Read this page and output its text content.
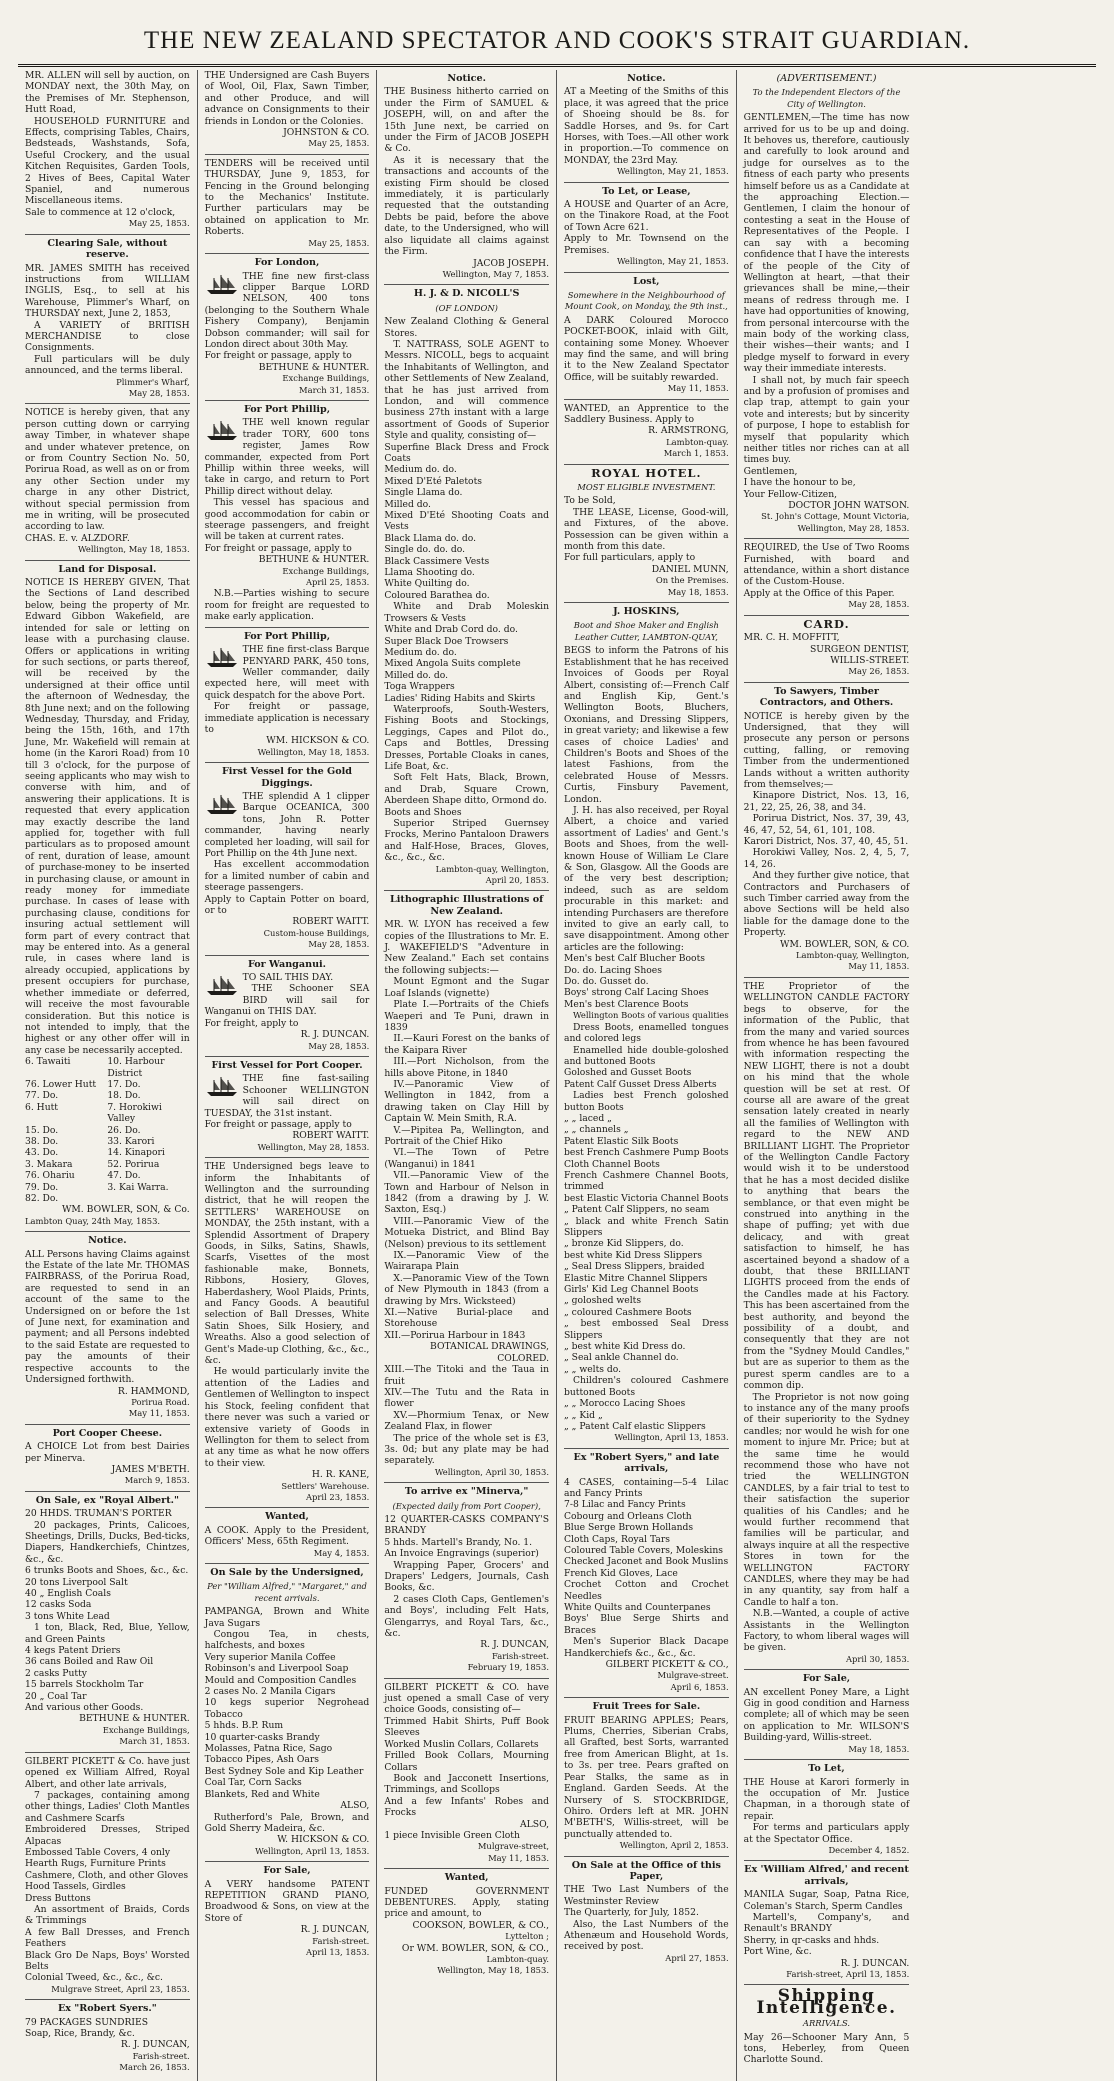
THE NEW ZEALAND SPECTATOR AND COOK'S STRAIT GUARDIAN.

MR. ALLEN will sell by auction, on MONDAY next, the 30th May, on the Premises of Mr. Stephenson, Hutt Road,

HOUSEHOLD FURNITURE and Effects, comprising Tables, Chairs, Bedsteads, Washstands, Sofa, Useful Crockery, and the usual Kitchen Requisites, Garden Tools, 2 Hives of Bees, Capital Water Spaniel, and numerous Miscellaneous items.

Sale to commence at 12 o'clock,

May 25, 1853.

Clearing Sale, without reserve.

MR. JAMES SMITH has received instructions from WILLIAM INGLIS, Esq., to sell at his Warehouse, Plimmer's Wharf, on THURSDAY next, June 2, 1853,

A VARIETY of BRITISH MERCHANDISE to close Consignments.

Full particulars will be duly announced, and the terms liberal.

Plimmer's Wharf,

May 28, 1853.

NOTICE is hereby given, that any person cutting down or carrying away Timber, in whatever shape and under whatever pretence, on or from Country Section No. 50, Porirua Road, as well as on or from any other Section under my charge in any other District, without special permission from me in writing, will be prosecuted according to law.

CHAS. E. v. ALZDORF.

Wellington, May 18, 1853.

Land for Disposal.

NOTICE IS HEREBY GIVEN, That the Sections of Land described below, being the property of Mr. Edward Gibbon Wakefield, are intended for sale or letting on lease with a purchasing clause. Offers or applications in writing for such sections, or parts thereof, will be received by the undersigned at their office until the afternoon of Wednesday, the 8th June next; and on the following Wednesday, Thursday, and Friday, being the 15th, 16th, and 17th June, Mr. Wakefield will remain at home (in the Karori Road) from 10 till 3 o'clock, for the purpose of seeing applicants who may wish to converse with him, and of answering their applications. It is requested that every application may exactly describe the land applied for, together with full particulars as to proposed amount of rent, duration of lease, amount of purchase-money to be inserted in purchasing clause, or amount in ready money for immediate purchase. In cases of lease with purchasing clause, conditions for insuring actual settlement will form part of every contract that may be entered into. As a general rule, in cases where land is already occupied, applications by present occupiers for purchase, whether immediate or deferred, will receive the most favourable consideration. But this notice is not intended to imply, that the highest or any other offer will in any case be necessarily accepted.

6. Tawaiti	10. Harbour District
76. Lower Hutt	17. Do.
77. Do.	18. Do.
6. Hutt	7. Horokiwi Valley
15. Do.	26. Do.
38. Do.	33. Karori
43. Do.	14. Kinapori
3. Makara	52. Porirua
76. Ohariu	47. Do.
79. Do.	3. Kai Warra.
82. Do.

WM. BOWLER, SON, & Co.

Lambton Quay, 24th May, 1853.

Notice.

ALL Persons having Claims against the Estate of the late Mr. THOMAS FAIRBRASS, of the Porirua Road, are requested to send in an account of the same to the Undersigned on or before the 1st of June next, for examination and payment; and all Persons indebted to the said Estate are requested to pay the amounts of their respective accounts to the Undersigned forthwith.

R. HAMMOND,

Porirua Road.

May 11, 1853.

Port Cooper Cheese.

A CHOICE Lot from best Dairies per Minerva.

JAMES M'BETH.

March 9, 1853.

On Sale, ex "Royal Albert."

20 HHDS. TRUMAN'S PORTER

20 packages, Prints, Calicoes, Sheetings, Drills, Ducks, Bed-ticks, Diapers, Handkerchiefs, Chintzes, &c., &c.

6 trunks Boots and Shoes, &c., &c.

20 tons Liverpool Salt

40 „ English Coals

12 casks Soda

3 tons White Lead

1 ton, Black, Red, Blue, Yellow, and Green Paints

4 kegs Patent Driers

36 cans Boiled and Raw Oil

2 casks Putty

15 barrels Stockholm Tar

20 „ Coal Tar

And various other Goods.

BETHUNE & HUNTER.

Exchange Buildings,

March 31, 1853.

GILBERT PICKETT & Co. have just opened ex William Alfred, Royal Albert, and other late arrivals,

7 packages, containing among other things, Ladies' Cloth Mantles and Cashmere Scarfs

Embroidered Dresses, Striped Alpacas

Embossed Table Covers, 4 only

Hearth Rugs, Furniture Prints

Cashmere, Cloth, and other Gloves

Hood Tassels, Girdles

Dress Buttons

An assortment of Braids, Cords & Trimmings

A few Ball Dresses, and French Feathers

Black Gro De Naps, Boys' Worsted Belts

Colonial Tweed, &c., &c., &c.

Mulgrave Street, April 23, 1853.

Ex "Robert Syers."

79 PACKAGES SUNDRIES

Soap, Rice, Brandy, &c.

R. J. DUNCAN,

Farish-street.

March 26, 1853.

THE Undersigned are Cash Buyers of Wool, Oil, Flax, Sawn Timber, and other Produce, and will advance on Consignments to their friends in London or the Colonies.

JOHNSTON & CO.

May 25, 1853.

TENDERS will be received until THURSDAY, June 9, 1853, for Fencing in the Ground belonging to the Mechanics' Institute. Further particulars may be obtained on application to Mr. Roberts.

May 25, 1853.

For London,

THE fine new first-class clipper Barque LORD NELSON, 400 tons (belonging to the Southern Whale Fishery Company), Benjamin Dobson commander; will sail for London direct about 30th May.

For freight or passage, apply to

BETHUNE & HUNTER.

Exchange Buildings,

March 31, 1853.

For Port Phillip,

THE well known regular trader TORY, 600 tons register, James Row commander, expected from Port Phillip within three weeks, will take in cargo, and return to Port Phillip direct without delay.

This vessel has spacious and good accommodation for cabin or steerage passengers, and freight will be taken at current rates.

For freight or passage, apply to

BETHUNE & HUNTER.

Exchange Buildings,

April 25, 1853.

N.B.—Parties wishing to secure room for freight are requested to make early application.

For Port Phillip,

THE fine first-class Barque PENYARD PARK, 450 tons, Weller commander, daily expected here, will meet with quick despatch for the above Port.

For freight or passage, immediate application is necessary to

WM. HICKSON & CO.

Wellington, May 18, 1853.

First Vessel for the Gold Diggings.

THE splendid A 1 clipper Barque OCEANICA, 300 tons, John R. Potter commander, having nearly completed her loading, will sail for Port Phillip on the 4th June next.

Has excellent accommodation for a limited number of cabin and steerage passengers.

Apply to Captain Potter on board, or to

ROBERT WAITT.

Custom-house Buildings,

May 28, 1853.

For Wanganui.

TO SAIL THIS DAY.

THE Schooner SEA BIRD will sail for Wanganui on THIS DAY.

For freight, apply to

R. J. DUNCAN.

May 28, 1853.

First Vessel for Port Cooper.

THE fine fast-sailing Schooner WELLINGTON will sail direct on TUESDAY, the 31st instant.

For freight or passage, apply to

ROBERT WAITT.

Wellington, May 28, 1853.

THE Undersigned begs leave to inform the Inhabitants of Wellington and the surrounding district, that he will reopen the SETTLERS' WAREHOUSE on MONDAY, the 25th instant, with a Splendid Assortment of Drapery Goods, in Silks, Satins, Shawls, Scarfs, Visettes of the most fashionable make, Bonnets, Ribbons, Hosiery, Gloves, Haberdashery, Wool Plaids, Prints, and Fancy Goods. A beautiful selection of Ball Dresses, White Satin Shoes, Silk Hosiery, and Wreaths. Also a good selection of Gent's Made-up Clothing, &c., &c., &c.

He would particularly invite the attention of the Ladies and Gentlemen of Wellington to inspect his Stock, feeling confident that there never was such a varied or extensive variety of Goods in Wellington for them to select from at any time as what he now offers to their view.

H. R. KANE,

Settlers' Warehouse.

April 23, 1853.

Wanted,

A COOK. Apply to the President, Officers' Mess, 65th Regiment.

May 4, 1853.

On Sale by the Undersigned,
Per "William Alfred," "Margaret," and recent arrivals.

PAMPANGA, Brown and White Java Sugars

Congou Tea, in chests, halfchests, and boxes

Very superior Manila Coffee

Robinson's and Liverpool Soap

Mould and Composition Candles

2 cases No. 2 Manila Cigars

10 kegs superior Negrohead Tobacco

5 hhds. B.P. Rum

10 quarter-casks Brandy

Molasses, Patna Rice, Sago

Tobacco Pipes, Ash Oars

Best Sydney Sole and Kip Leather

Coal Tar, Corn Sacks

Blankets, Red and White

ALSO,

Rutherford's Pale, Brown, and Gold Sherry Madeira, &c.

W. HICKSON & CO.

Wellington, April 13, 1853.

For Sale,

A VERY handsome PATENT REPETITION GRAND PIANO, Broadwood & Sons, on view at the Store of

R. J. DUNCAN,

Farish-street.

April 13, 1853.

Notice.

THE Business hitherto carried on under the Firm of SAMUEL & JOSEPH, will, on and after the 15th June next, be carried on under the Firm of JACOB JOSEPH & Co.

As it is necessary that the transactions and accounts of the existing Firm should be closed immediately, it is particularly requested that the outstanding Debts be paid, before the above date, to the Undersigned, who will also liquidate all claims against the Firm.

JACOB JOSEPH.

Wellington, May 7, 1853.

H. J. & D. NICOLL'S
(OF LONDON)

New Zealand Clothing & General Stores.

T. NATTRASS, SOLE AGENT to Messrs. NICOLL, begs to acquaint the Inhabitants of Wellington, and other Settlements of New Zealand, that he has just arrived from London, and will commence business 27th instant with a large assortment of Goods of Superior Style and quality, consisting of—

Superfine Black Dress and Frock Coats

Medium do. do.

Mixed D'Eté Paletots

Single Llama do.

Milled do.

Mixed D'Eté Shooting Coats and Vests

Black Llama do. do.

Single do. do. do.

Black Cassimere Vests

Llama Shooting do.

White Quilting do.

Coloured Barathea do.

White and Drab Moleskin Trowsers & Vests

White and Drab Cord do. do.

Super Black Doe Trowsers

Medium do. do.

Mixed Angola Suits complete

Milled do. do.

Toga Wrappers

Ladies' Riding Habits and Skirts

Waterproofs, South-Westers, Fishing Boots and Stockings, Leggings, Capes and Pilot do., Caps and Bottles, Dressing Dresses, Portable Cloaks in canes, Life Boat, &c.

Soft Felt Hats, Black, Brown, and Drab, Square Crown, Aberdeen Shape ditto, Ormond do.

Boots and Shoes

Superior Striped Guernsey Frocks, Merino Pantaloon Drawers and Half-Hose, Braces, Gloves, &c., &c., &c.

Lambton-quay, Wellington,

April 20, 1853.

Lithographic Illustrations of New Zealand.

MR. W. LYON has received a few copies of the Illustrations to Mr. E. J. WAKEFIELD'S "Adventure in New Zealand." Each set contains the following subjects:—

Mount Egmont and the Sugar Loaf Islands (vignette)

Plate I.—Portraits of the Chiefs Waeperi and Te Puni, drawn in 1839

II.—Kauri Forest on the banks of the Kaipara River

III.—Port Nicholson, from the hills above Pitone, in 1840

IV.—Panoramic View of Wellington in 1842, from a drawing taken on Clay Hill by Captain W. Mein Smith, R.A.

V.—Pipitea Pa, Wellington, and Portrait of the Chief Hiko

VI.—The Town of Petre (Wanganui) in 1841

VII.—Panoramic View of the Town and Harbour of Nelson in 1842 (from a drawing by J. W. Saxton, Esq.)

VIII.—Panoramic View of the Motueka District, and Blind Bay (Nelson) previous to its settlement

IX.—Panoramic View of the Wairarapa Plain

X.—Panoramic View of the Town of New Plymouth in 1843 (from a drawing by Mrs. Wicksteed)

XI.—Native Burial-place and Storehouse

XII.—Porirua Harbour in 1843

BOTANICAL DRAWINGS, COLORED.

XIII.—The Titoki and the Taua in fruit

XIV.—The Tutu and the Rata in flower

XV.—Phormium Tenax, or New Zealand Flax, in flower

The price of the whole set is £3, 3s. 0d; but any plate may be had separately.

Wellington, April 30, 1853.

To arrive ex "Minerva,"
(Expected daily from Port Cooper),

12 QUARTER-CASKS COMPANY'S BRANDY

5 hhds. Martell's Brandy, No. 1.

An Invoice Engravings (superior)

Wrapping Paper, Grocers' and Drapers' Ledgers, Journals, Cash Books, &c.

2 cases Cloth Caps, Gentlemen's and Boys', including Felt Hats, Glengarrys, and Royal Tars, &c., &c.

R. J. DUNCAN,

Farish-street.

February 19, 1853.

GILBERT PICKETT & CO. have just opened a small Case of very choice Goods, consisting of—

Trimmed Habit Shirts, Puff Book Sleeves

Worked Muslin Collars, Collarets

Frilled Book Collars, Mourning Collars

Book and Jacconett Insertions, Trimmings, and Scollops

And a few Infants' Robes and Frocks

ALSO,

1 piece Invisible Green Cloth

Mulgrave-street,

May 11, 1853.

Wanted,

FUNDED GOVERNMENT DEBENTURES. Apply, stating price and amount, to

COOKSON, BOWLER, & CO.,

Lyttelton ;

Or WM. BOWLER, SON, & CO.,

Lambton-quay.

Wellington, May 18, 1853.

Notice.

AT a Meeting of the Smiths of this place, it was agreed that the price of Shoeing should be 8s. for Saddle Horses, and 9s. for Cart Horses, with Toes.—All other work in proportion.—To commence on MONDAY, the 23rd May.

Wellington, May 21, 1853.

To Let, or Lease,

A HOUSE and Quarter of an Acre, on the Tinakore Road, at the Foot of Town Acre 621.

Apply to Mr. Townsend on the Premises.

Wellington, May 21, 1853.

Lost,
Somewhere in the Neighbourhood of Mount Cook, on Monday, the 9th inst.,

A DARK Coloured Morocco POCKET-BOOK, inlaid with Gilt, containing some Money. Whoever may find the same, and will bring it to the New Zealand Spectator Office, will be suitably rewarded.

May 11, 1853.

WANTED, an Apprentice to the Saddlery Business. Apply to

R. ARMSTRONG,

Lambton-quay.

March 1, 1853.

ROYAL HOTEL.
MOST ELIGIBLE INVESTMENT.

To be Sold,

THE LEASE, License, Good-will, and Fixtures, of the above. Possession can be given within a month from this date.

For full particulars, apply to

DANIEL MUNN,

On the Premises.

May 18, 1853.

J. HOSKINS,
Boot and Shoe Maker and English Leather Cutter, LAMBTON-QUAY,

BEGS to inform the Patrons of his Establishment that he has received Invoices of Goods per Royal Albert, consisting of:—French Calf and English Kip, Gent.'s Wellington Boots, Bluchers, Oxonians, and Dressing Slippers, in great variety; and likewise a few cases of choice Ladies' and Children's Boots and Shoes of the latest Fashions, from the celebrated House of Messrs. Curtis, Finsbury Pavement, London.

J. H. has also received, per Royal Albert, a choice and varied assortment of Ladies' and Gent.'s Boots and Shoes, from the well-known House of William Le Clare & Son, Glasgow. All the Goods are of the very best description; indeed, such as are seldom procurable in this market: and intending Purchasers are therefore invited to give an early call, to save disappointment. Among other articles are the following:

Men's best Calf Blucher Boots

Do. do. Lacing Shoes

Do. do. Gusset do.

Boys' strong Calf Lacing Shoes

Men's best Clarence Boots

Wellington Boots of various qualities

Dress Boots, enamelled tongues and colored legs

Enamelled hide double-goloshed and buttoned Boots

Goloshed and Gusset Boots

Patent Calf Gusset Dress Alberts

Ladies best French goloshed button Boots

„ „ laced „

„ „ channels „

Patent Elastic Silk Boots

best French Cashmere Pump Boots

Cloth Channel Boots

French Cashmere Channel Boots, trimmed

best Elastic Victoria Channel Boots

„ Patent Calf Slippers, no seam

„ black and white French Satin Slippers

„ bronze Kid Slippers, do.

best white Kid Dress Slippers

„ Seal Dress Slippers, braided

Elastic Mitre Channel Slippers

Girls' Kid Leg Channel Boots

„ goloshed welts

„ coloured Cashmere Boots

„ best embossed Seal Dress Slippers

„ best white Kid Dress do.

„ Seal ankle Channel do.

„ „ welts do.

Children's coloured Cashmere buttoned Boots

„ „ Morocco Lacing Shoes

„ „ Kid „

„ „ Patent Calf elastic Slippers

Wellington, April 13, 1853.

Ex "Robert Syers," and late arrivals,

4 CASES, containing—5-4 Lilac and Fancy Prints

7-8 Lilac and Fancy Prints

Cobourg and Orleans Cloth

Blue Serge Brown Hollands

Cloth Caps, Royal Tars

Coloured Table Covers, Moleskins

Checked Jaconet and Book Muslins

French Kid Gloves, Lace

Crochet Cotton and Crochet Needles

White Quilts and Counterpanes

Boys' Blue Serge Shirts and Braces

Men's Superior Black Dacape Handkerchiefs &c., &c., &c.

GILBERT PICKETT & CO.,

Mulgrave-street.

April 6, 1853.

Fruit Trees for Sale.

FRUIT BEARING APPLES; Pears, Plums, Cherries, Siberian Crabs, all Grafted, best Sorts, warranted free from American Blight, at 1s. to 3s. per tree. Pears grafted on Pear Stalks, the same as in England. Garden Seeds. At the Nursery of S. STOCKBRIDGE, Ohiro. Orders left at MR. JOHN M'BETH'S, Willis-street, will be punctually attended to.

Wellington, April 2, 1853.

On Sale at the Office of this Paper,

THE Two Last Numbers of the Westminster Review

The Quarterly, for July, 1852.

Also, the Last Numbers of the Athenæum and Household Words, received by post.

April 27, 1853.

(ADVERTISEMENT.)
To the Independent Electors of the City of Wellington.

GENTLEMEN,—The time has now arrived for us to be up and doing. It behoves us, therefore, cautiously and carefully to look around and judge for ourselves as to the fitness of each party who presents himself before us as a Candidate at the approaching Election.—Gentlemen, I claim the honour of contesting a seat in the House of Representatives of the People. I can say with a becoming confidence that I have the interests of the people of the City of Wellington at heart, —that their grievances shall be mine,—their means of redress through me. I have had opportunities of knowing, from personal intercourse with the main body of the working class, their wishes—their wants; and I pledge myself to forward in every way their immediate interests.

I shall not, by much fair speech and by a profusion of promises and clap trap, attempt to gain your vote and interests; but by sincerity of purpose, I hope to establish for myself that popularity which neither titles nor riches can at all times buy.

Gentlemen,

I have the honour to be,

Your Fellow-Citizen,

DOCTOR JOHN WATSON.

St. John's Cottage, Mount Victoria,

Wellington, May 28, 1853.

REQUIRED, the Use of Two Rooms Furnished, with board and attendance, within a short distance of the Custom-House.

Apply at the Office of this Paper.

May 28, 1853.

CARD.

MR. C. H. MOFFITT,

SURGEON DENTIST,

WILLIS-STREET.

May 26, 1853.

To Sawyers, Timber Contractors, and Others.

NOTICE is hereby given by the Undersigned, that they will prosecute any person or persons cutting, falling, or removing Timber from the undermentioned Lands without a written authority from themselves;—

Kinapore District, Nos. 13, 16, 21, 22, 25, 26, 38, and 34.

Porirua District, Nos. 37, 39, 43, 46, 47, 52, 54, 61, 101, 108.

Karori District, Nos. 37, 40, 45, 51.

Horokiwi Valley, Nos. 2, 4, 5, 7, 14, 26.

And they further give notice, that Contractors and Purchasers of such Timber carried away from the above Sections will be held also liable for the damage done to the Property.

WM. BOWLER, SON, & CO.

Lambton-quay, Wellington,

May 11, 1853.

THE Proprietor of the WELLINGTON CANDLE FACTORY begs to observe, for the information of the Public, that from the many and varied sources from whence he has been favoured with information respecting the NEW LIGHT, there is not a doubt on his mind that the whole question will be set at rest. Of course all are aware of the great sensation lately created in nearly all the families of Wellington with regard to the NEW AND BRILLIANT LIGHT. The Proprietor of the Wellington Candle Factory would wish it to be understood that he has a most decided dislike to anything that bears the semblance, or that even might be construed into anything in the shape of puffing; yet with due delicacy, and with great satisfaction to himself, he has ascertained beyond a shadow of a doubt, that these BRILLIANT LIGHTS proceed from the ends of the Candles made at his Factory. This has been ascertained from the best authority, and beyond the possibility of a doubt, and consequently that they are not from the "Sydney Mould Candles," but are as superior to them as the purest sperm candles are to a common dip.

The Proprietor is not now going to instance any of the many proofs of their superiority to the Sydney candles; nor would he wish for one moment to injure Mr. Price; but at the same time he would recommend those who have not tried the WELLINGTON CANDLES, by a fair trial to test to their satisfaction the superior qualities of his Candles; and he would further recommend that families will be particular, and always inquire at all the respective Stores in town for the WELLINGTON FACTORY CANDLES, where they may be had in any quantity, say from half a Candle to half a ton.

N.B.—Wanted, a couple of active Assistants in the Wellington Factory, to whom liberal wages will be given.

April 30, 1853.

For Sale,

AN excellent Poney Mare, a Light Gig in good condition and Harness complete; all of which may be seen on application to Mr. WILSON'S Building-yard, Willis-street.

May 18, 1853.

To Let,

THE House at Karori formerly in the occupation of Mr. Justice Chapman, in a thorough state of repair.

For terms and particulars apply at the Spectator Office.

December 4, 1852.

Ex 'William Alfred,' and recent arrivals,

MANILA Sugar, Soap, Patna Rice, Coleman's Starch, Sperm Candles

Martell's, Company's, and Renault's BRANDY

Sherry, in qr-casks and hhds.

Port Wine, &c.

R. J. DUNCAN.

Farish-street, April 13, 1853.

Shipping Intelligence.
ARRIVALS.

May 26—Schooner Mary Ann, 5 tons, Heberley, from Queen Charlotte Sound.
